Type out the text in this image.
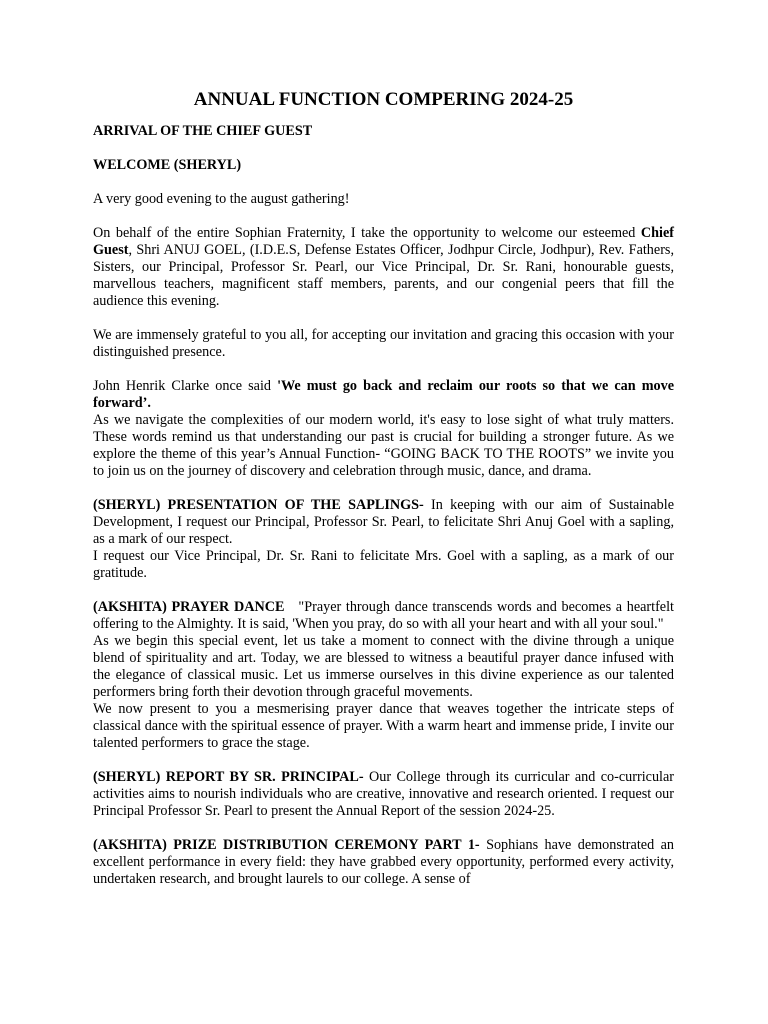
ANNUAL FUNCTION COMPERING 2024-25
ARRIVAL OF THE CHIEF GUEST
WELCOME (SHERYL)

A very good evening to the august gathering!

On behalf of the entire Sophian Fraternity, I take the opportunity to welcome our esteemed Chief Guest, Shri ANUJ GOEL, (I.D.E.S, Defense Estates Officer, Jodhpur Circle, Jodhpur), Rev. Fathers, Sisters, our Principal, Professor Sr. Pearl, our Vice Principal, Dr. Sr. Rani, honourable guests, marvellous teachers, magnificent staff members, parents, and our congenial peers that fill the audience this evening.

We are immensely grateful to you all, for accepting our invitation and gracing this occasion with your distinguished presence.

John Henrik Clarke once said 'We must go back and reclaim our roots so that we can move forward’.

As we navigate the complexities of our modern world, it's easy to lose sight of what truly matters. These words remind us that understanding our past is crucial for building a stronger future. As we explore the theme of this year’s Annual Function- “GOING BACK TO THE ROOTS” we invite you to join us on the journey of discovery and celebration through music, dance, and drama.

(SHERYL) PRESENTATION OF THE SAPLINGS- In keeping with our aim of Sustainable Development, I request our Principal, Professor Sr. Pearl, to felicitate Shri Anuj Goel with a sapling, as a mark of our respect.

I request our Vice Principal, Dr. Sr. Rani to felicitate Mrs. Goel with a sapling, as a mark of our gratitude.

(AKSHITA) PRAYER DANCE   "Prayer through dance transcends words and becomes a heartfelt offering to the Almighty. It is said, 'When you pray, do so with all your heart and with all your soul."

As we begin this special event, let us take a moment to connect with the divine through a unique blend of spirituality and art. Today, we are blessed to witness a beautiful prayer dance infused with the elegance of classical music. Let us immerse ourselves in this divine experience as our talented performers bring forth their devotion through graceful movements.

We now present to you a mesmerising prayer dance that weaves together the intricate steps of classical dance with the spiritual essence of prayer. With a warm heart and immense pride, I invite our talented performers to grace the stage.

(SHERYL) REPORT BY SR. PRINCIPAL- Our College through its curricular and co-curricular activities aims to nourish individuals who are creative, innovative and research oriented. I request our Principal Professor Sr. Pearl to present the Annual Report of the session 2024-25.

(AKSHITA) PRIZE DISTRIBUTION CEREMONY PART 1- Sophians have demonstrated an excellent performance in every field: they have grabbed every opportunity, performed every activity, undertaken research, and brought laurels to our college. A sense of
